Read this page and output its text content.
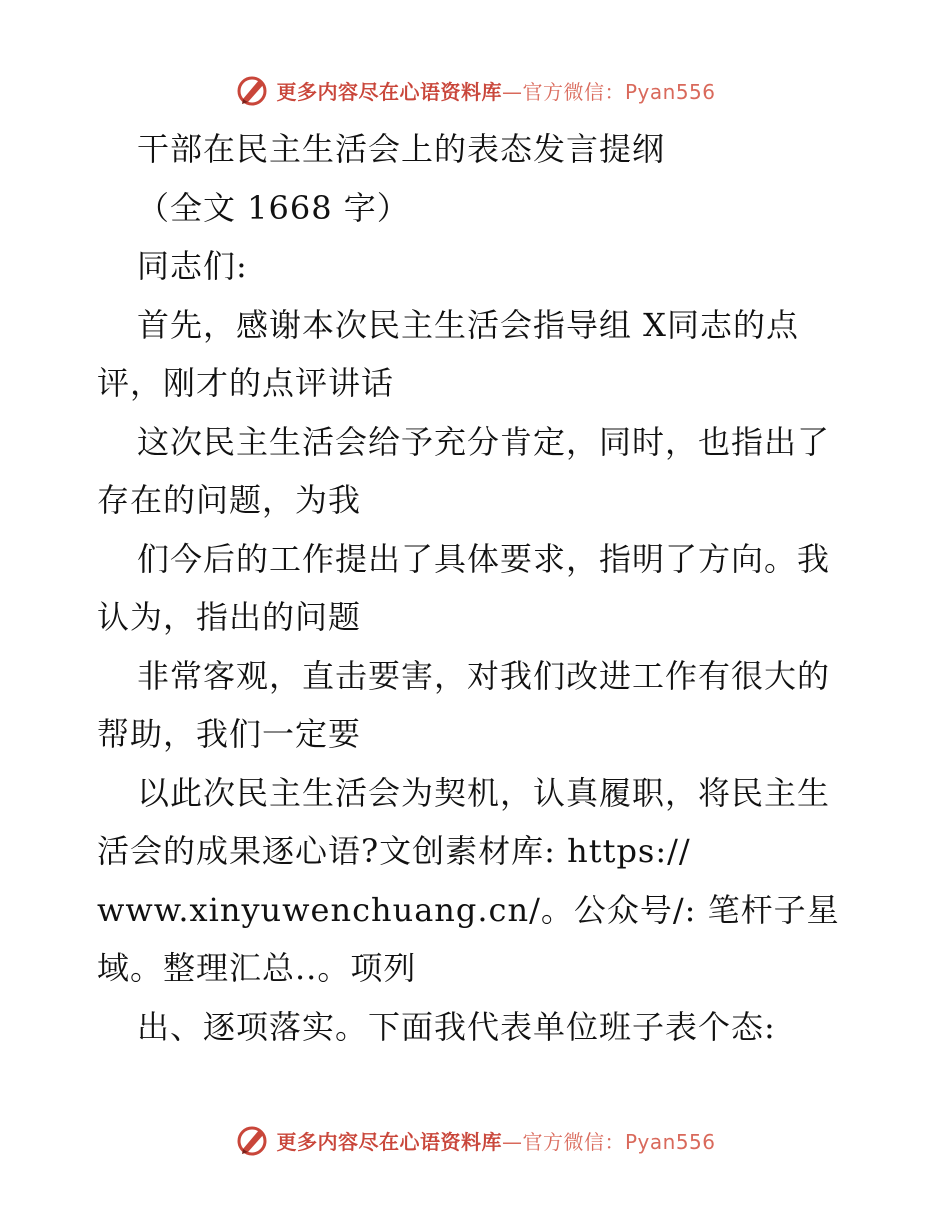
更多内容尽在心语资料库—官方微信：Pyan556
干部在民主生活会上的表态发言提纲
（全文 1668 字）
同志们:
首先，感谢本次民主生活会指导组 X同志的点
评，刚才的点评讲话
这次民主生活会给予充分肯定，同时，也指出了
存在的问题，为我
们今后的工作提出了具体要求，指明了方向。我
认为，指出的问题
非常客观，直击要害，对我们改进工作有很大的
帮助，我们一定要
以此次民主生活会为契机，认真履职，将民主生
活会的成果逐心语?文创素材库: https://
www.xinyuwenchuang.cn/。公众号/: 笔杆子星
域。整理汇总..。项列
出、逐项落实。下面我代表单位班子表个态:
更多内容尽在心语资料库—官方微信：Pyan556
